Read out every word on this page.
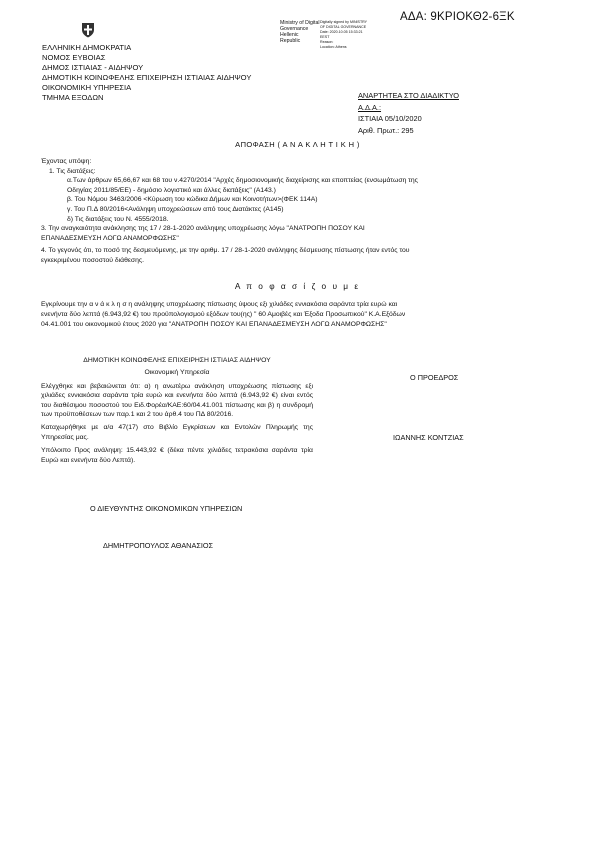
ΑΔΑ: 9ΚΡΙΟΚΘ2-6ΞΚ
Ministry of Digital
Governance
Hellenic Republic
Digitally signed by MINISTRY
OF DIGITAL GOVERNANCE
Date: 2020.10.05 15:33:21
EEST
Reason:
Location: Athens
ΕΛΛΗΝΙΚΗ ΔΗΜΟΚΡΑΤΙΑ
ΝΟΜΟΣ ΕΥΒΟΙΑΣ
ΔΗΜΟΣ ΙΣΤΙΑΙΑΣ - ΑΙΔΗΨΟΥ
ΔΗΜΟΤΙΚΗ ΚΟΙΝΩΦΕΛΗΣ ΕΠΙΧΕΙΡΗΣΗ ΙΣΤΙΑΙΑΣ ΑΙΔΗΨΟΥ
ΟΙΚΟΝΟΜΙΚΗ ΥΠΗΡΕΣΙΑ
ΤΜΗΜΑ ΕΞΟΔΩΝ	ΑΝΑΡΤΗΤΕΑ ΣΤΟ ΔΙΑΔΙΚΤΥΟ
Α.Δ.Α.:
ΙΣΤΙΑΙΑ 05/10/2020
Αριθ. Πρωτ.: 295
ΑΠΟΦΑΣΗ ( Α Ν Α Κ Λ Η Τ Ι Κ Η )
Έχοντας υπόψη:
1. Τις διατάξεις:
α.Των άρθρων 65,66,67 και 68 του ν.4270/2014 "Αρχές δημοσιονομικής διαχείρισης και εποπτείας (ενσωμάτωση της
Οδηγίας 2011/85/ΕΕ) - δημόσιο λογιστικό και άλλες διατάξεις" (Α143.)
β. Του Νόμου 3463/2006 <Κύρωση του κώδικα Δήμων και Κοινοτήτων>(ΦΕΚ 114Α)
γ. Του Π.Δ 80/2016<Ανάληψη υποχρεώσεων από τους Διατάκτες (Α145)
δ) Τις διατάξεις του Ν. 4555/2018.
3. Την αναγκαιότητα ανάκλησης της 17 / 28-1-2020 ανάληψης υποχρέωσης λόγω "ΑΝΑΤΡΟΠΗ ΠΟΣΟΥ ΚΑΙ
ΕΠΑΝΑΔΕΣΜΕΥΣΗ ΛΟΓΩ ΑΝΑΜΟΡΦΩΣΗΣ"
4. Το γεγονός ότι, το ποσό της δεσμευόμενης, με την αριθμ. 17 / 28-1-2020 ανάληψης δέσμευσης πίστωσης ήταν εντός του
εγκεκριμένου ποσοστού διάθεσης.
Α π ο φ α σ ί ζ ο υ μ ε
Εγκρίνουμε την α ν ά κ λ η σ η ανάληψης υποχρέωσης πίστωσης ύψους εξι χιλιάδες εννιακόσια σαράντα τρία ευρώ και
ενενήντα δύο λεπτά (6.943,92 €) του προϋπολογισμού εξόδων του(ης) " 60 Αμοιβές και Έξοδα Προσωπικού" Κ.Α.Εξόδων
04.41.001 του οικονομικού έτους 2020 για "ΑΝΑΤΡΟΠΗ ΠΟΣΟΥ ΚΑΙ ΕΠΑΝΑΔΕΣΜΕΥΣΗ ΛΟΓΩ ΑΝΑΜΟΡΦΩΣΗΣ"
ΔΗΜΟΤΙΚΗ ΚΟΙΝΩΦΕΛΗΣ ΕΠΙΧΕΙΡΗΣΗ ΙΣΤΙΑΙΑΣ ΑΙΔΗΨΟΥ
Οικονομική Υπηρεσία
Ελέγχθηκε και βεβαιώνεται ότι: α) η ανωτέρω ανάκληση υποχρέωσης πίστωσης εξι χιλιάδες εννιακόσια σαράντα τρία ευρώ και ενενήντα δύο λεπτά (6.943,92 €) είναι εντός του διαθέσιμου ποσοστού του Ειδ.Φορέα/ΚΑΕ:60/04.41.001 πίστωσης και β) η συνδρομή των προϋποθέσεων των παρ.1 και 2 του άρθ.4 του ΠΔ 80/2016.
Καταχωρήθηκε με α/α 47(17) στο Βιβλίο Εγκρίσεων και Εντολών Πληρωμής της Υπηρεσίας μας.
Υπόλοιπο Προς ανάληψη: 15.443,92 € (δέκα πέντε χιλιάδες τετρακόσια σαράντα τρία Ευρώ και ενενήντα δύο Λεπτά).
Ο ΠΡΟΕΔΡΟΣ
ΙΩΑΝΝΗΣ ΚΟΝΤΖΙΑΣ
Ο ΔΙΕΥΘΥΝΤΗΣ ΟΙΚΟΝΟΜΙΚΩΝ ΥΠΗΡΕΣΙΩΝ
ΔΗΜΗΤΡΟΠΟΥΛΟΣ ΑΘΑΝΑΣΙΟΣ
